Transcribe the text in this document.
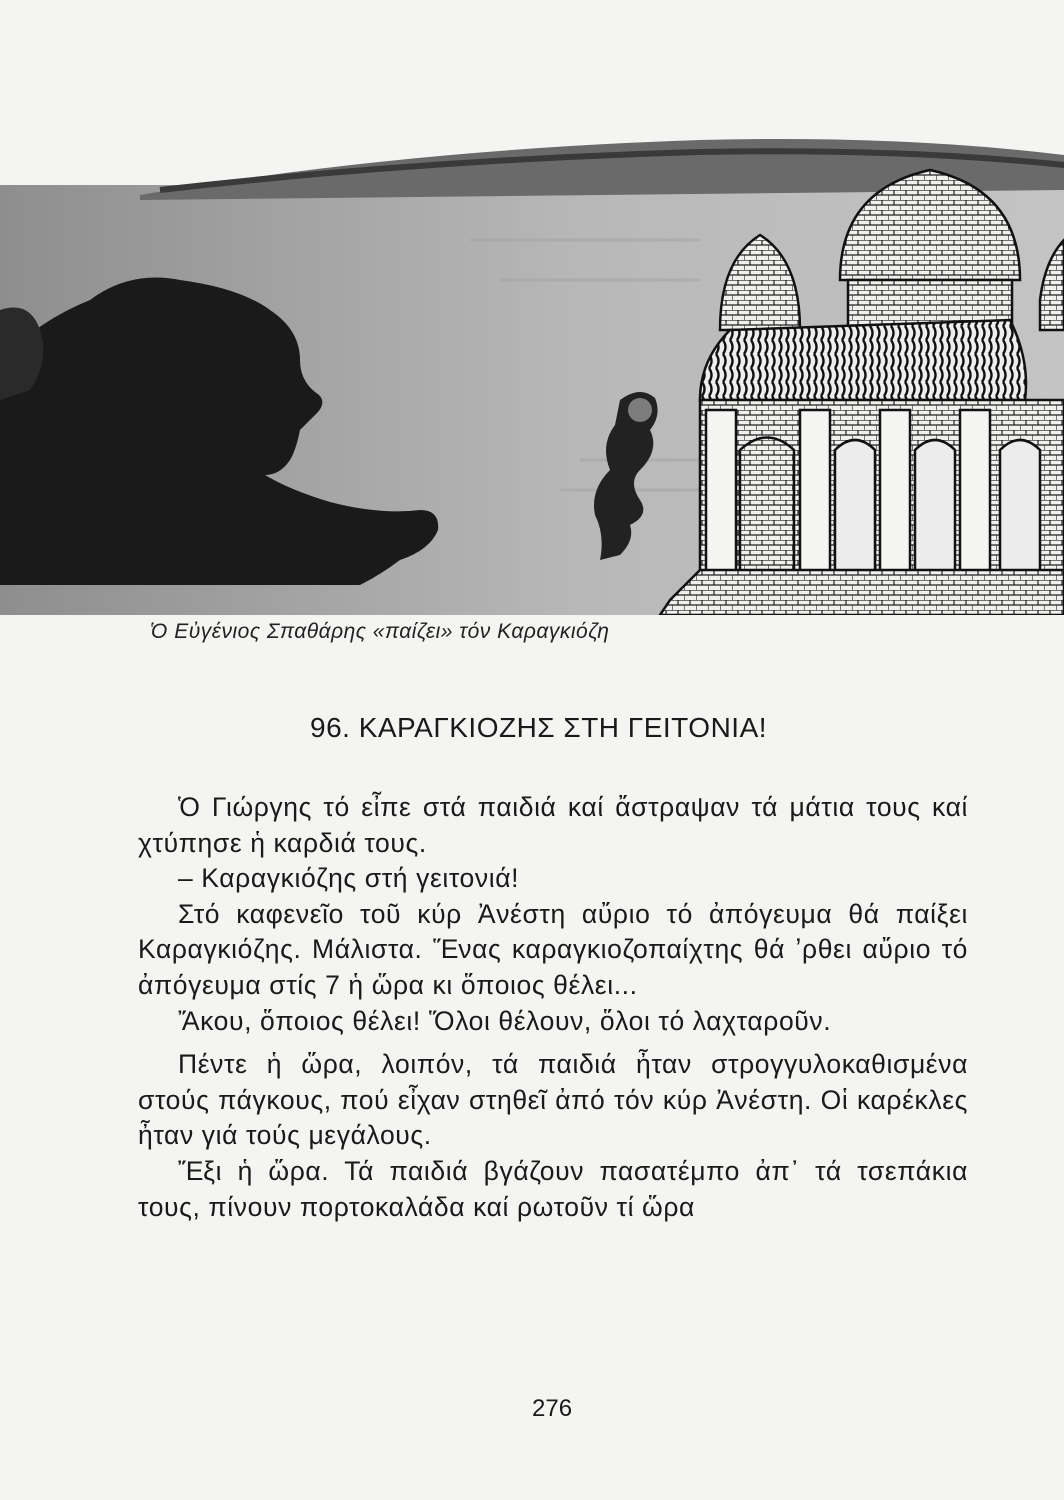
Ὁ Εὐγένιος Σπαθάρης «παίζει» τόν Καραγκιόζη
96. ΚΑΡΑΓΚΙΟΖΗΣ ΣΤΗ ΓΕΙΤΟΝΙΑ!

Ὁ Γιώργης τό εἶπε στά παιδιά καί ἄστραψαν τά μάτια τους καί χτύπησε ἡ καρδιά τους.

– Καραγκιόζης στή γειτονιά!

Στό καφενεῖο τοῦ κύρ Ἀνέστη αὔριο τό ἀπόγευμα θά παίξει Καραγκιόζης. Μάλιστα. Ἕνας καραγκιοζοπαίχτης θά ʼρθει αὔριο τό ἀπόγευμα στίς 7 ἡ ὥρα κι ὅποιος θέλει...

Ἄκου, ὅποιος θέλει! Ὅλοι θέλουν, ὅλοι τό λαχταροῦν.

Πέντε ἡ ὥρα, λοιπόν, τά παιδιά ἦταν στρογγυλοκαθισμένα στούς πάγκους, πού εἶχαν στηθεῖ ἀπό τόν κύρ Ἀνέστη. Οἱ καρέκλες ἦταν γιά τούς μεγάλους.

Ἔξι ἡ ὥρα. Τά παιδιά βγάζουν πασατέμπο ἀπ᾽ τά τσεπάκια τους, πίνουν πορτοκαλάδα καί ρωτοῦν τί ὥρα

276
